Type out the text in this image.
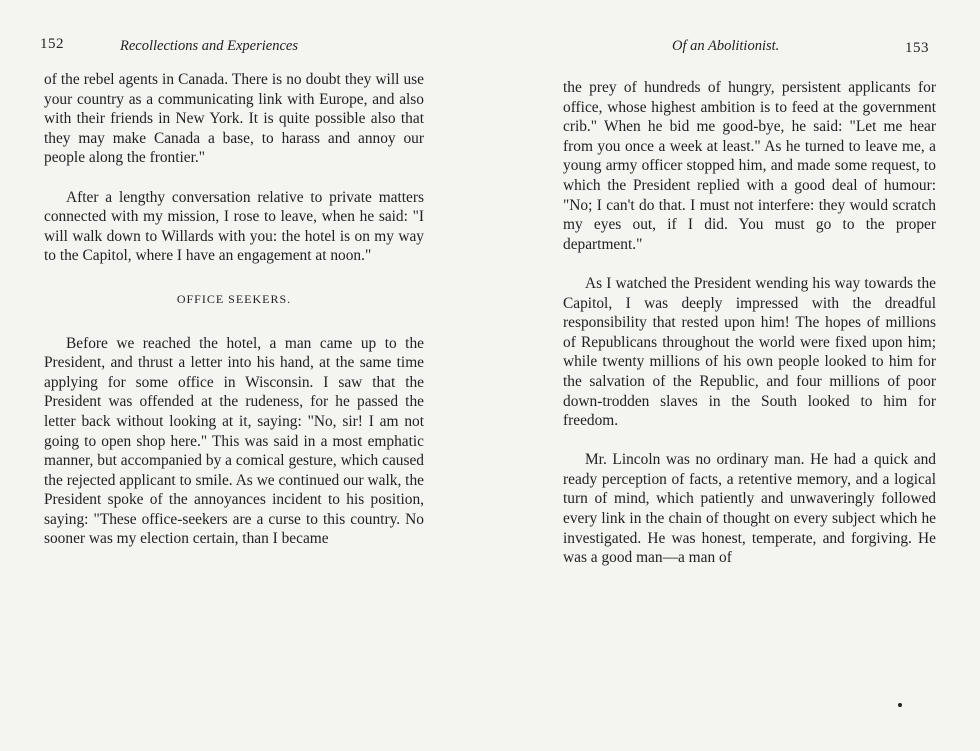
152	Recollections and Experiences

of the rebel agents in Canada. There is no doubt they will use your country as a communicating link with Europe, and also with their friends in New York. It is quite possible also that they may make Canada a base, to harass and annoy our people along the frontier."

After a lengthy conversation relative to private matters connected with my mission, I rose to leave, when he said: "I will walk down to Willards with you: the hotel is on my way to the Capitol, where I have an engagement at noon."

OFFICE SEEKERS.

Before we reached the hotel, a man came up to the President, and thrust a letter into his hand, at the same time applying for some office in Wisconsin. I saw that the President was offended at the rudeness, for he passed the letter back without looking at it, saying: "No, sir! I am not going to open shop here." This was said in a most emphatic manner, but accompanied by a comical gesture, which caused the rejected applicant to smile. As we continued our walk, the President spoke of the annoyances incident to his position, saying: "These office-seekers are a curse to this country. No sooner was my election certain, than I became

Of an Abolitionist.	153

the prey of hundreds of hungry, persistent applicants for office, whose highest ambition is to feed at the government crib." When he bid me good-bye, he said: "Let me hear from you once a week at least." As he turned to leave me, a young army officer stopped him, and made some request, to which the President replied with a good deal of humour: "No; I can't do that. I must not interfere: they would scratch my eyes out, if I did. You must go to the proper department."

As I watched the President wending his way towards the Capitol, I was deeply impressed with the dreadful responsibility that rested upon him! The hopes of millions of Republicans throughout the world were fixed upon him; while twenty millions of his own people looked to him for the salvation of the Republic, and four millions of poor down-trodden slaves in the South looked to him for freedom.

Mr. Lincoln was no ordinary man. He had a quick and ready perception of facts, a retentive memory, and a logical turn of mind, which patiently and unwaveringly followed every link in the chain of thought on every subject which he investigated. He was honest, temperate, and forgiving. He was a good man—a man of
